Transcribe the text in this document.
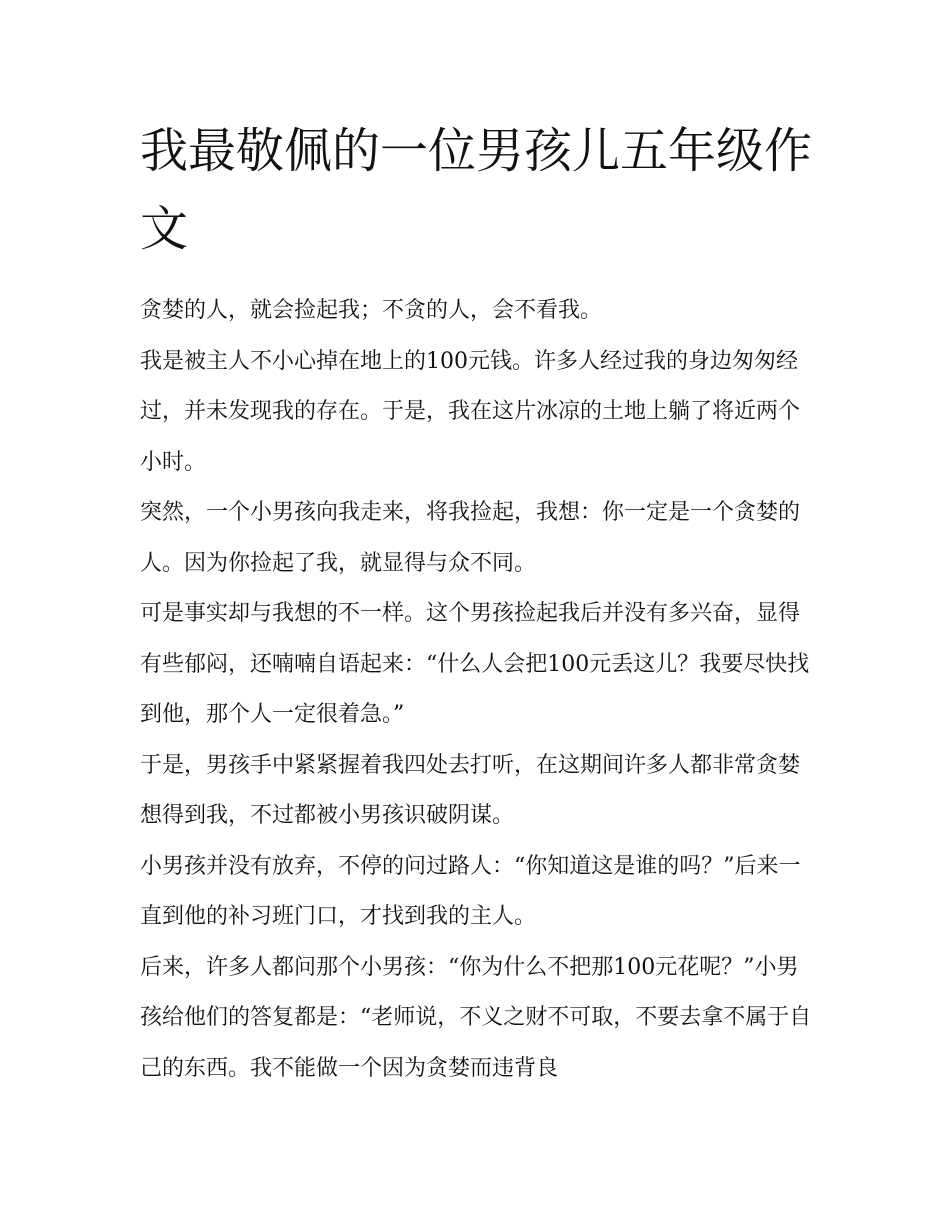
我最敬佩的一位男孩儿五年级作文

贪婪的人，就会捡起我；不贪的人，会不看我。

我是被主人不小心掉在地上的100元钱。许多人经过我的身边匆匆经过，并未发现我的存在。于是，我在这片冰凉的土地上躺了将近两个小时。

突然，一个小男孩向我走来，将我捡起，我想：你一定是一个贪婪的人。因为你捡起了我，就显得与众不同。

可是事实却与我想的不一样。这个男孩捡起我后并没有多兴奋，显得有些郁闷，还喃喃自语起来：“什么人会把100元丢这儿？我要尽快找到他，那个人一定很着急。”

于是，男孩手中紧紧握着我四处去打听，在这期间许多人都非常贪婪想得到我，不过都被小男孩识破阴谋。

小男孩并没有放弃，不停的问过路人：“你知道这是谁的吗？”后来一直到他的补习班门口，才找到我的主人。

后来，许多人都问那个小男孩：“你为什么不把那100元花呢？”小男孩给他们的答复都是：“老师说，不义之财不可取，不要去拿不属于自己的东西。我不能做一个因为贪婪而违背良
